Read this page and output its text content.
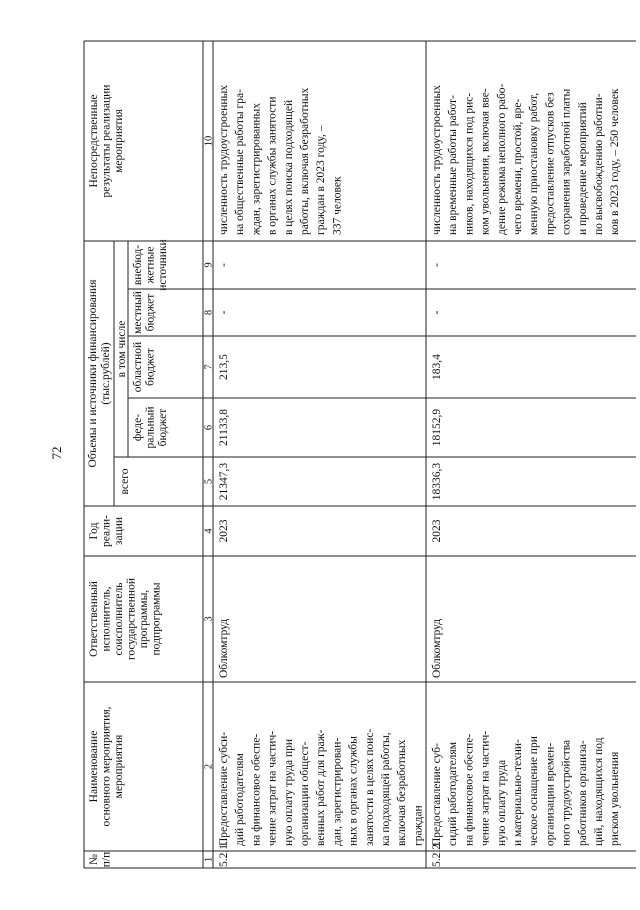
72
№ п/п
Наименование основного мероприятия, мероприятия
Ответственный исполнитель, соисполнитель государственной программы, подпрограммы
Год реали- зации
Объемы и источники финансирования (тыс.рублей)
всего
в том числе
феде- ральный бюджет
областной бюджет
местный бюджет
внебюд- жетные источники
Непосредственные результаты реализации мероприятия
1
2
3
4
5
6
7
8
9
10
5.2.1.
Предоставление субси- дий работодателям на финансовое обеспе- чение затрат на частич- ную оплату труда при организации общест- венных работ для граж- дан, зарегистрирован- ных в органах службы занятости в целях поис- ка подходящей работы, включая безработных граждан
Облкомтруд
2023
21347,3
21133,8
213,5
-
-
численность трудоустроенных на общественные работы гра- ждан, зарегистрированных в органах службы занятости в целях поиска подходящей работы, включая безработных граждан в 2023 году, – 337 человек
5.2.2.
Предоставление суб- сидий работодателям на финансовое обеспе- чение затрат на частич- ную оплату труда и материально-техни- ческое оснащение при организации времен- ного трудоустройства работников организа- ций, находящихся под риском увольнения
Облкомтруд
2023
18336,3
18152,9
183,4
-
-
численность трудоустроенных на временные работы работ- ников, находящихся под рис- ком увольнения, включая вве- дение режима неполного рабо- чего времени, простой, вре- менную приостановку работ, предоставление отпусков без сохранения заработной платы и проведение мероприятий по высвобождению работни- ков в 2023 году, – 250 человек
